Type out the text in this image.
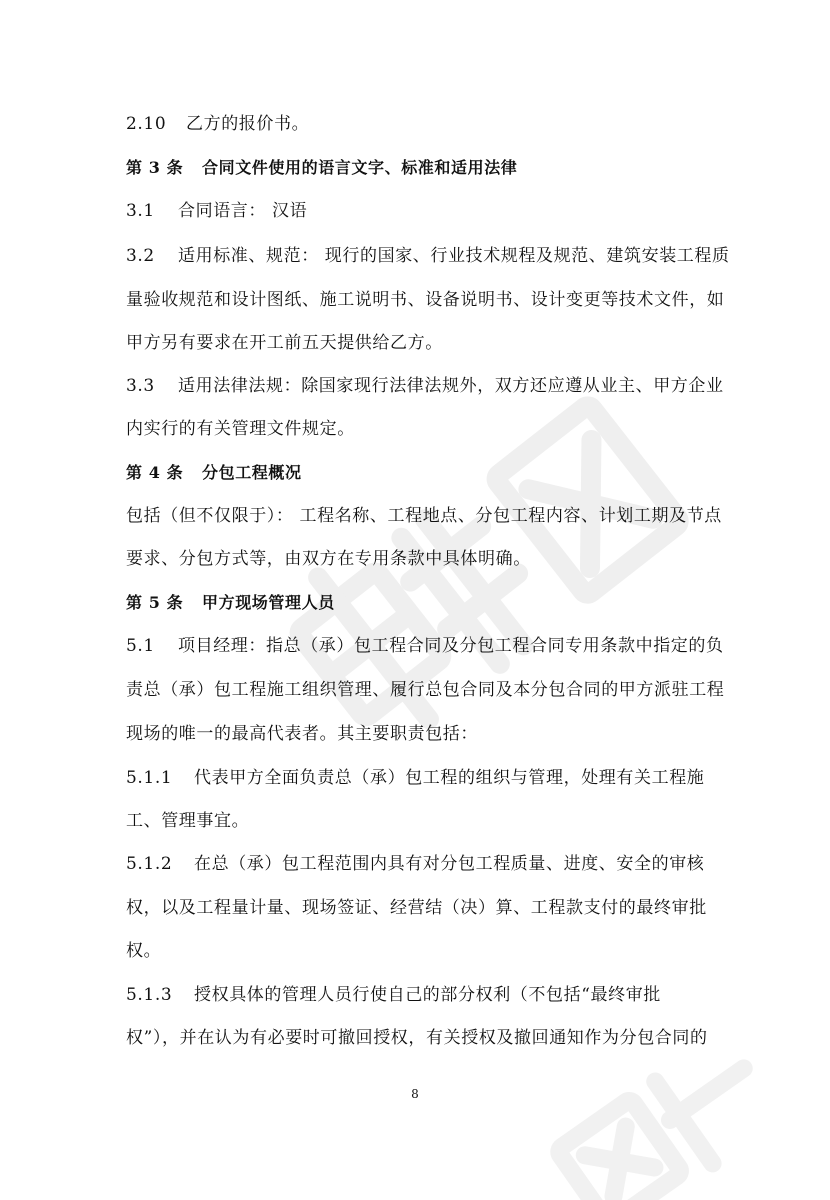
2.10 乙方的报价书。
第 3 条 合同文件使用的语言文字、标准和适用法律
3.1 合同语言： 汉语
3.2 适用标准、规范： 现行的国家、行业技术规程及规范、建筑安装工程质
量验收规范和设计图纸、施工说明书、设备说明书、设计变更等技术文件，如
甲方另有要求在开工前五天提供给乙方。
3.3 适用法律法规：除国家现行法律法规外，双方还应遵从业主、甲方企业
内实行的有关管理文件规定。
第 4 条 分包工程概况
包括（但不仅限于）： 工程名称、工程地点、分包工程内容、计划工期及节点
要求、分包方式等，由双方在专用条款中具体明确。
第 5 条 甲方现场管理人员
5.1 项目经理：指总（承）包工程合同及分包工程合同专用条款中指定的负
责总（承）包工程施工组织管理、履行总包合同及本分包合同的甲方派驻工程
现场的唯一的最高代表者。其主要职责包括：
5.1.1 代表甲方全面负责总（承）包工程的组织与管理，处理有关工程施
工、管理事宜。
5.1.2 在总（承）包工程范围内具有对分包工程质量、进度、安全的审核
权，以及工程量计量、现场签证、经营结（决）算、工程款支付的最终审批
权。
5.1.3 授权具体的管理人员行使自己的部分权利（不包括“最终审批
权”），并在认为有必要时可撤回授权，有关授权及撤回通知作为分包合同的
8
